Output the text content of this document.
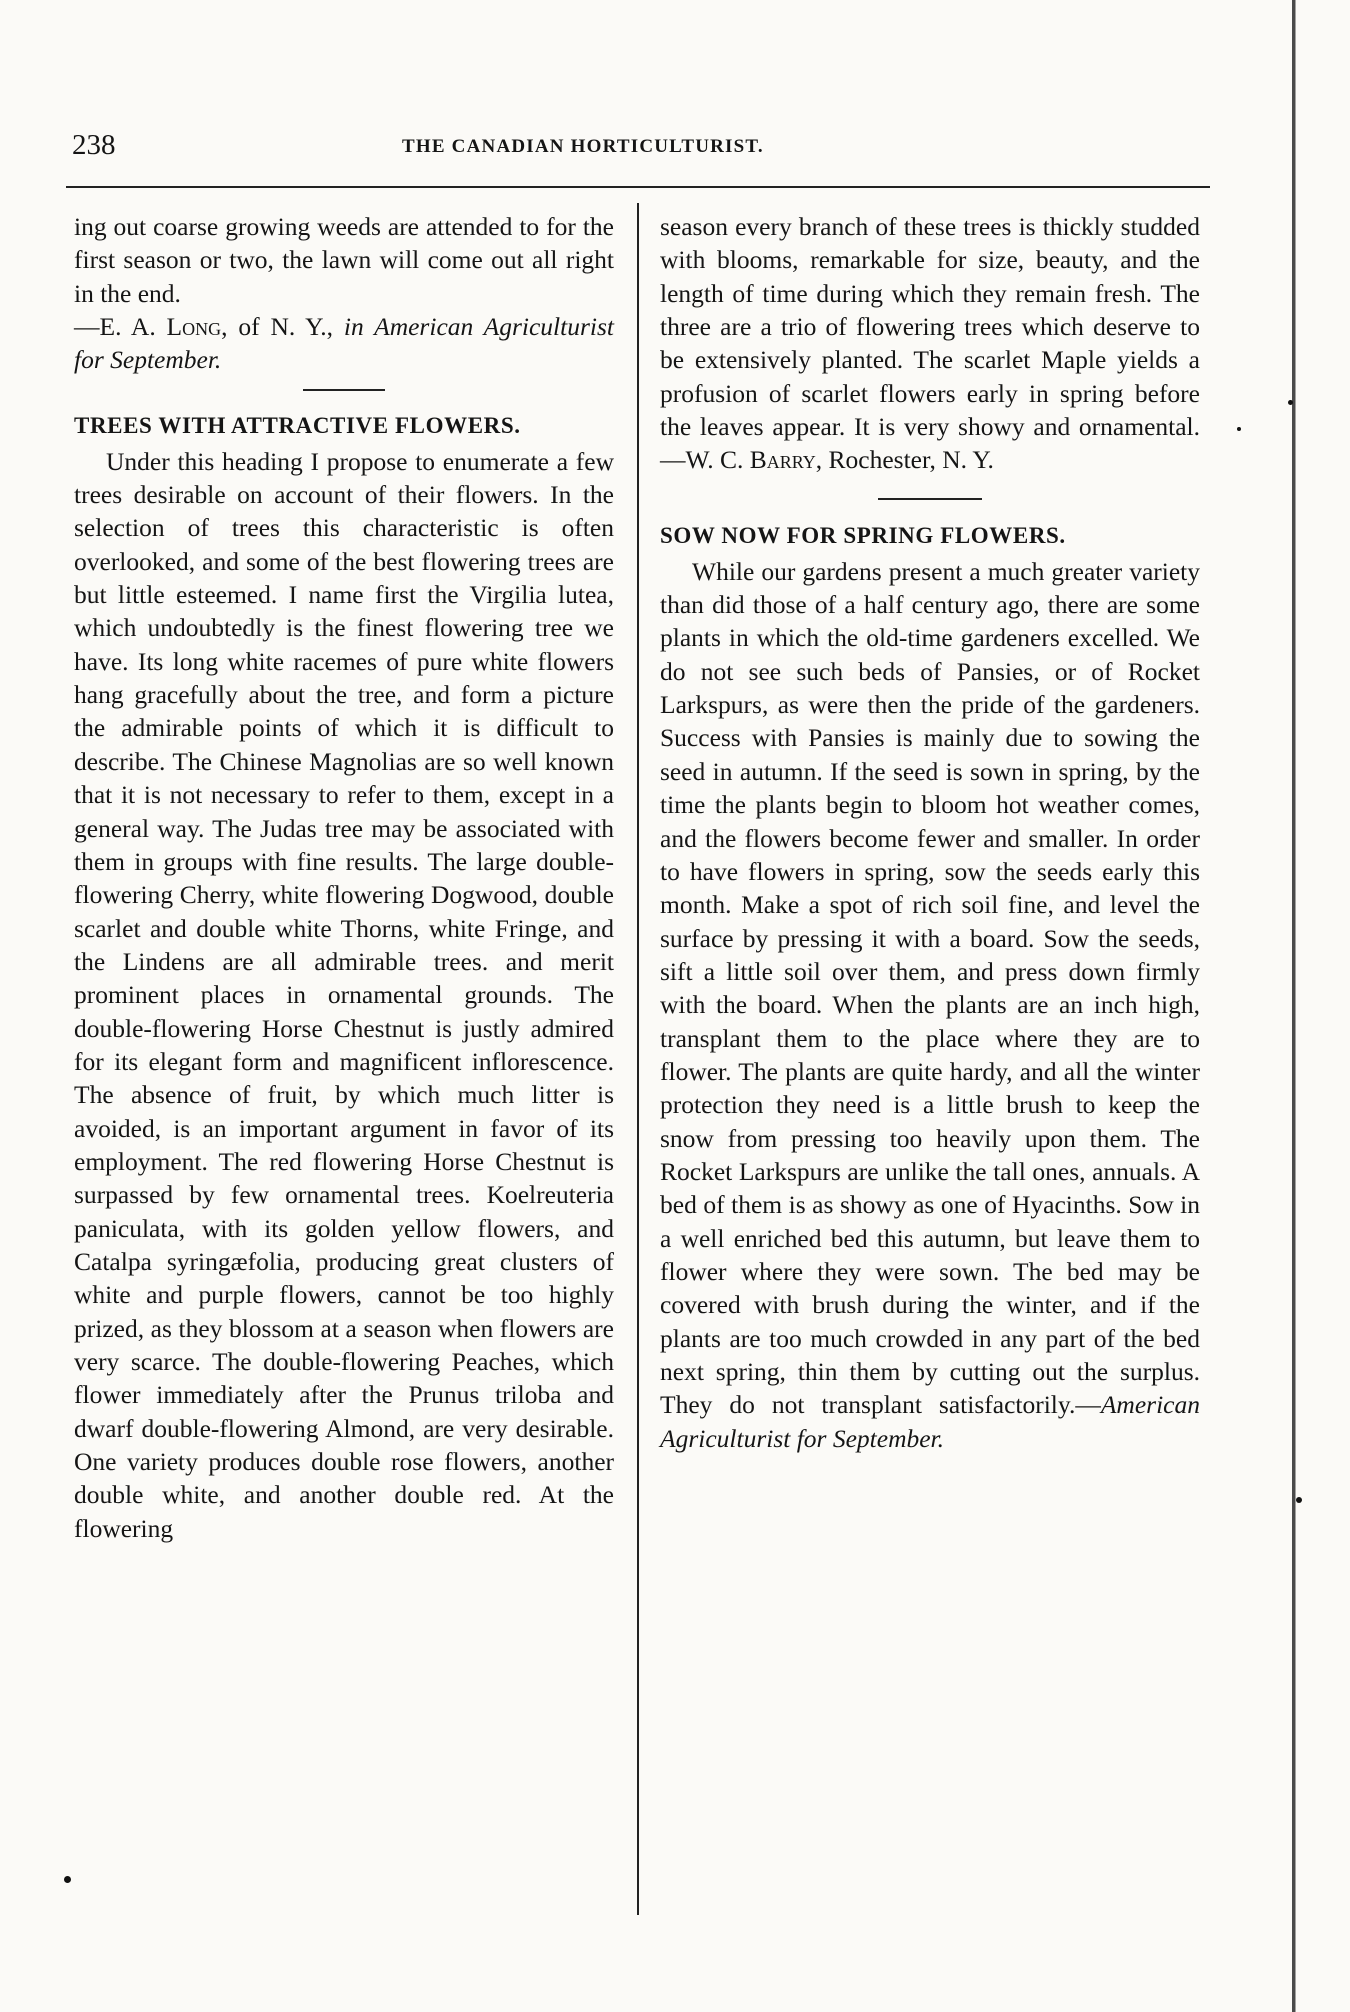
238	THE CANADIAN HORTICULTURIST.

ing out coarse growing weeds are attended to for the first season or two, the lawn will come out all right in the end.

—E. A. Long, of N. Y., in American Agriculturist for September.

TREES WITH ATTRACTIVE FLOWERS.

Under this heading I propose to enumerate a few trees desirable on account of their flowers. In the selection of trees this characteristic is often overlooked, and some of the best flowering trees are but little esteemed. I name first the Virgilia lutea, which undoubtedly is the finest flowering tree we have. Its long white racemes of pure white flowers hang gracefully about the tree, and form a picture the admirable points of which it is difficult to describe. The Chinese Magnolias are so well known that it is not necessary to refer to them, except in a general way. The Judas tree may be associated with them in groups with fine results. The large double-flowering Cherry, white flowering Dogwood, double scarlet and double white Thorns, white Fringe, and the Lindens are all admirable trees. and merit prominent places in ornamental grounds. The double-flowering Horse Chestnut is justly admired for its elegant form and magnificent inflorescence. The absence of fruit, by which much litter is avoided, is an important argument in favor of its employment. The red flowering Horse Chestnut is surpassed by few ornamental trees. Koelreuteria paniculata, with its golden yellow flowers, and Catalpa syringæfolia, producing great clusters of white and purple flowers, cannot be too highly prized, as they blossom at a season when flowers are very scarce. The double-flowering Peaches, which flower immediately after the Prunus triloba and dwarf double-flowering Almond, are very desirable. One variety produces double rose flowers, another double white, and another double red. At the flowering

season every branch of these trees is thickly studded with blooms, remarkable for size, beauty, and the length of time during which they remain fresh. The three are a trio of flowering trees which deserve to be extensively planted. The scarlet Maple yields a profusion of scarlet flowers early in spring before the leaves appear. It is very showy and ornamental.—W. C. Barry, Rochester, N. Y.

SOW NOW FOR SPRING FLOWERS.

While our gardens present a much greater variety than did those of a half century ago, there are some plants in which the old-time gardeners excelled. We do not see such beds of Pansies, or of Rocket Larkspurs, as were then the pride of the gardeners. Success with Pansies is mainly due to sowing the seed in autumn. If the seed is sown in spring, by the time the plants begin to bloom hot weather comes, and the flowers become fewer and smaller. In order to have flowers in spring, sow the seeds early this month. Make a spot of rich soil fine, and level the surface by pressing it with a board. Sow the seeds, sift a little soil over them, and press down firmly with the board. When the plants are an inch high, transplant them to the place where they are to flower. The plants are quite hardy, and all the winter protection they need is a little brush to keep the snow from pressing too heavily upon them. The Rocket Larkspurs are unlike the tall ones, annuals. A bed of them is as showy as one of Hyacinths. Sow in a well enriched bed this autumn, but leave them to flower where they were sown. The bed may be covered with brush during the winter, and if the plants are too much crowded in any part of the bed next spring, thin them by cutting out the surplus. They do not transplant satisfactorily.—American Agriculturist for September.
